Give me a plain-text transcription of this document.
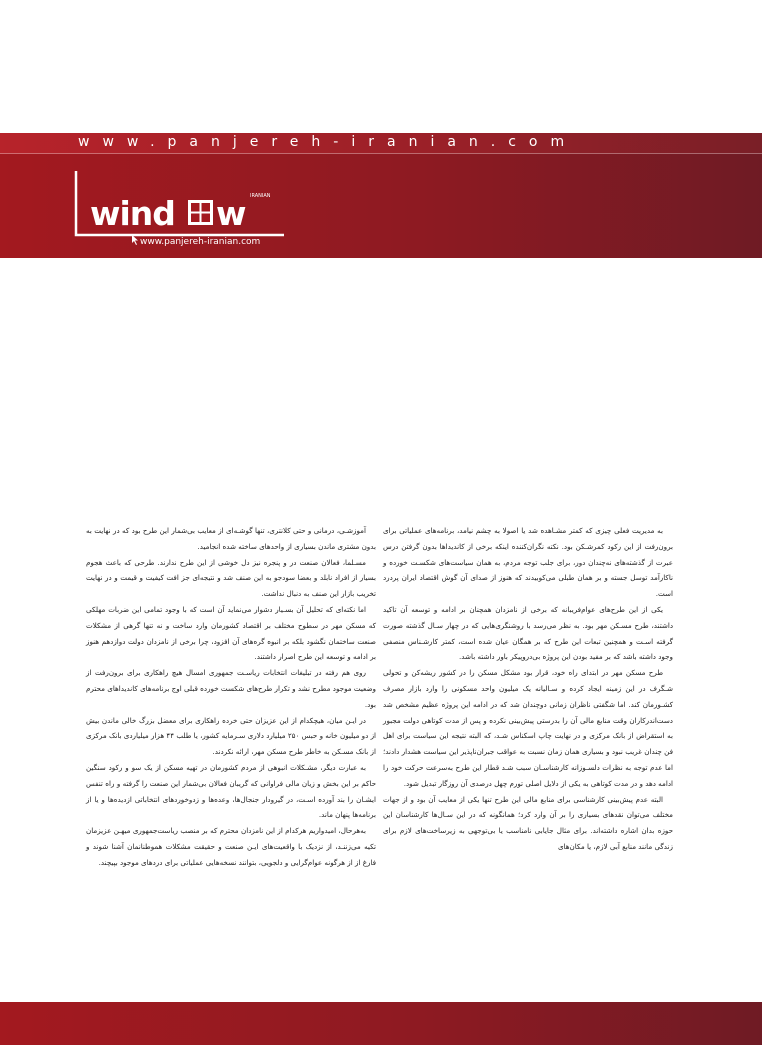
www.panjereh-iranian.com
IRANIAN
wind w
www.panjereh-iranian.com

به مدیریت فعلی چیزی که کمتر مشـاهده شد یا اصولا به چشم نیامد، برنامه‌های عملیاتی برای برون‌رفت از این رکود کمرشـکن بود. نکته نگران‌کننده اینکه برخی از کاندیداها بدون گرفتن درس عبرت از گذشته‌های نه‌چندان دور، برای جلب توجه مردم، به همان سیاست‌های شکسـت خورده و ناکارآمد توسل جسته و بر همان طبلی می‌کوبیدند که هنوز از صدای آن گوش اقتصاد ایران پردرد است.

یکی از این طرح‌های عوام‌فریبانه که برخی از نامزدان همچنان بر ادامه و توسعه آن تاکید داشتند، طرح مسـکن مهر بود. به نظر می‌رسد با روشنگری‌هایی که در چهار سـال گذشته صورت گرفته اسـت و همچنین تبعات این طرح که بر همگان عیان شده است، کمتر کارشـناس منصفی وجود داشته باشد که بر مفید بودن این پروژه بی‌درو‌پیکر باور داشته باشد.

طرح مسکن مهر در ابتدای راه خود، قرار بود مشکل مسکن را در کشور ریشه‌کن و تحولی شـگرف در این زمینه ایجاد کرده و سـالیانه یک میلیون واحد مسکونی را وارد بازار مصرف کشـورمان کند. اما شگفتی ناظران زمانی دوچندان شد که در ادامه این پروژه عظیم مشخص شد دست‌اندرکاران وقت منابع مالی آن را بدرستی پیش‌بینی نکرده و پس از مدت کوتاهی دولت مجبور به استقراض از بانک مرکزی و در نهایت چاپ اسکناس شـد، که البته نتیجه این سیاست برای اهل فن چندان غریب نبود و بسیاری همان زمان نسبت به عواقب جبران‌ناپذیر این سیاست هشدار دادند؛ اما عدم توجه به نظرات دلسـوزانه کارشناسـان سبب شـد قطار این طرح به‌سرعت حرکت خود را ادامه دهد و در مدت کوتاهی به یکی از دلایل اصلی تورم چهل درصدی آن روزگار تبدیل شود.

البته عدم پیش‌بینی کارشناسی برای منابع مالی این طرح تنها یکی از معایب آن بود و از جهات مختلف می‌توان نقدهای بسیاری را بر آن وارد کرد؛ همانگونه که در این سـال‌ها کارشناسان این حوزه بدان اشاره داشته‌اند. برای مثال جایابی نامناسب یا بی‌توجهی به زیرساخت‌های لازم برای زندگی مانند منابع آبی لازم، یا مکان‌های

آموزشـی، درمانی و حتی کلانتری، تنها گوشـه‌ای از معایب بی‌شمار این طرح بود که در نهایت به بدون مشتری ماندن بسیاری از واحدهای ساخته شده انجامید.

مسـلما، فعالان صنعت در و پنجره نیز دل خوشی از این طرح ندارند. طرحی که باعث هجوم بسیار از افراد نابلد و بعضا سودجو به این صنف شد و نتیجه‌ای جز افت کیفیت و قیمت و در نهایت تخریب بازار این صنف به دنبال نداشت.

اما نکته‌ای که تحلیل آن بسـیار دشوار می‌نماید آن است که با وجود تمامی این ضربات مهلکی که مسکن مهر در سطوح مختلف بر اقتصاد کشورمان وارد ساخت و نه تنها گرهی از مشکلات صنعت ساختمان نگشود بلکه بر انبوه گره‌های آن افزود، چرا برخی از نامزدان دولت دوازدهم هنوز بر ادامه و توسعه این طرح اصرار داشتند.

روی هم رفته در تبلیغات انتخابات ریاسـت جمهوری امسال هیچ راهکاری برای برون‌رفت از وضعیت موجود مطرح نشد و تکرار طرح‌های شکست خورده قبلی اوج برنامه‌های کاندیداهای محترم بود.

در ایـن میان، هیچکدام از این عزیزان حتی خرده راهکاری برای معضل بزرگ خالی ماندن بیش از دو میلیون خانه و حبس ۲۵۰ میلیارد دلاری سـرمایه کشور، یا طلب ۴۴ هزار میلیاردی بانک مرکزی از بانک مسـکن به خاطر طرح مسکن مهر، ارائه نکردند.

به عبارت دیگر، مشـکلات انبوهی از مردم کشورمان در تهیه مسکن از یک سو و رکود سنگین حاکم بر این بخش و زیان مالی فراوانی که گریبان فعالان بی‌شمار این صنعت را گرفته و راه تنفس ایشـان را بند آورده اسـت، در گیرودار جنجال‌ها، وعده‌ها و زدوخوردهای انتخاباتی ازدیده‌ها و یا از برنامه‌ها پنهان ماند.

به‌هرحال، امیدواریم هرکدام از این نامزدان محترم که بر منصب ریاست‌جمهوری میهـن عزیزمان تکیه می‌زننـد، از نزدیک با واقعیت‌های ایـن صنعت و حقیقت مشکلات هموطنانمان آشنا شوند و فارغ از از هرگونه عوام‌گرایی و دلجویی، بتوانند نسخه‌هایی عملیاتی برای دردهای موجود بپیچند.
